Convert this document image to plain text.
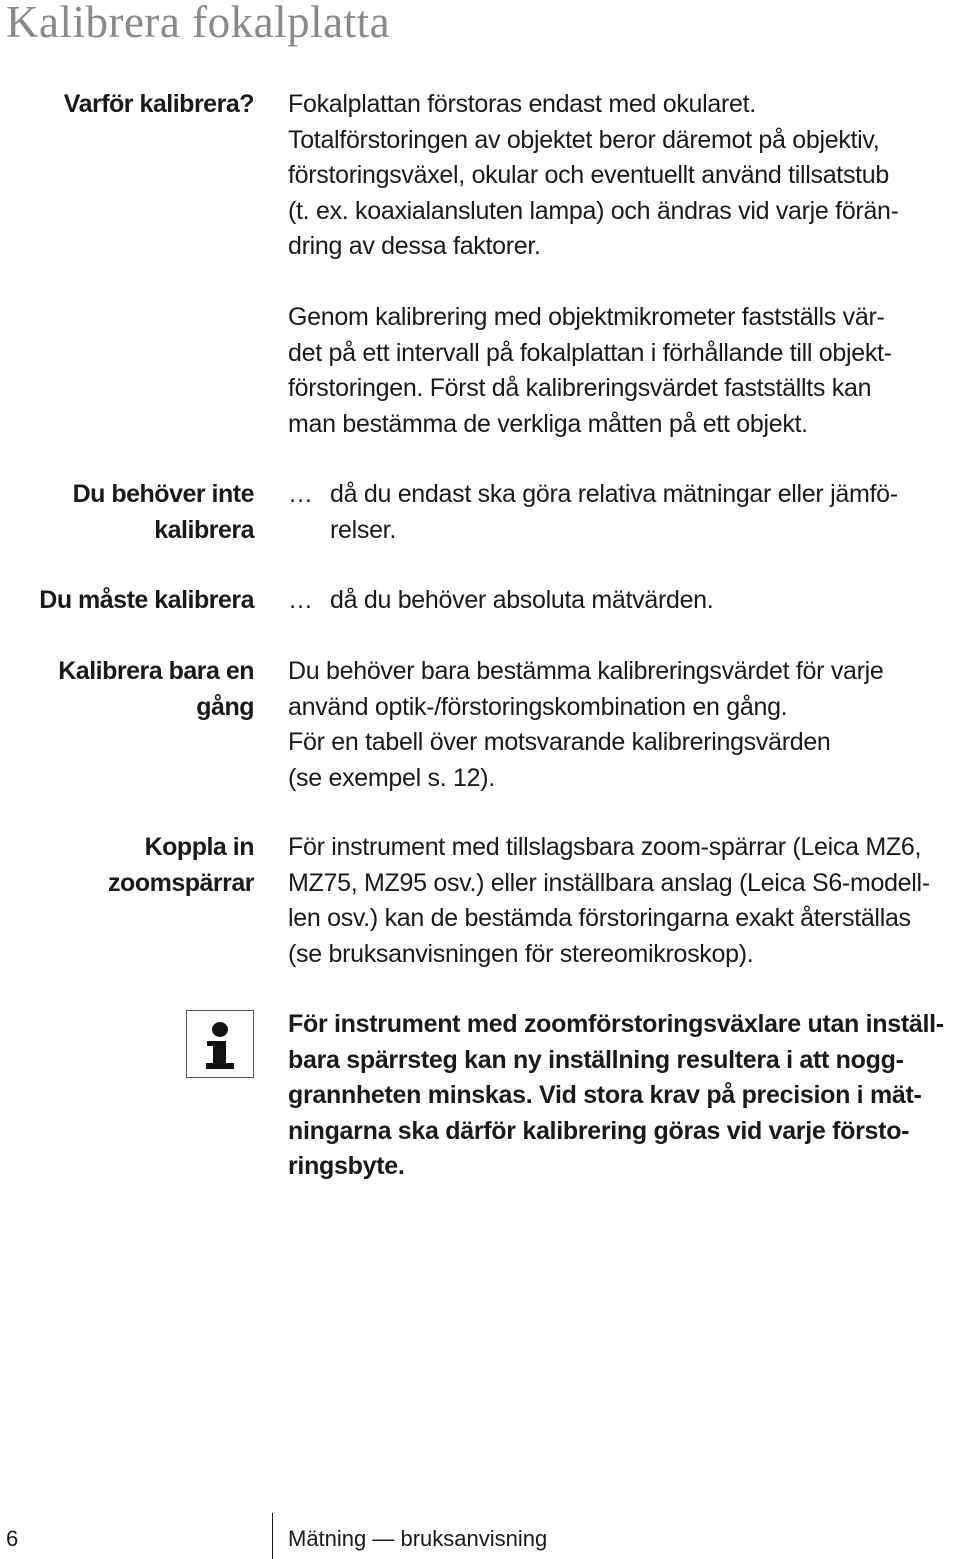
Kalibrera fokalplatta
Varför kalibrera? Fokalplattan förstoras endast med okularet.
Totalförstoringen av objektet beror däremot på objektiv,
förstoringsväxel, okular och eventuellt använd tillsatstub
(t. ex. koaxialansluten lampa) och ändras vid varje förän-
dring av dessa faktorer.
Genom kalibrering med objektmikrometer fastställs vär-
det på ett intervall på fokalplattan i förhållande till objekt-
förstoringen. Först då kalibreringsvärdet fastställts kan
man bestämma de verkliga måtten på ett objekt.
Du behöver inte
kalibrera
… då du endast ska göra relativa mätningar eller jämfö-
relser.
Du måste kalibrera … då du behöver absoluta mätvärden.
Kalibrera bara en
gång
Du behöver bara bestämma kalibreringsvärdet för varje
använd optik-/förstoringskombination en gång.
För en tabell över motsvarande kalibreringsvärden
(se exempel s. 12).
Koppla in
zoomspärrar
För instrument med tillslagsbara zoom-spärrar (Leica MZ6,
MZ75, MZ95 osv.) eller inställbara anslag (Leica S6-modell-
len osv.) kan de bestämda förstoringarna exakt återställas
(se bruksanvisningen för stereomikroskop).
För instrument med zoomförstoringsväxlare utan inställ-
bara spärrsteg kan ny inställning resultera i att nogg-
grannheten minskas. Vid stora krav på precision i mät-
ningarna ska därför kalibrering göras vid varje försto-
ringsbyte.
6	Mätning — bruksanvisning
